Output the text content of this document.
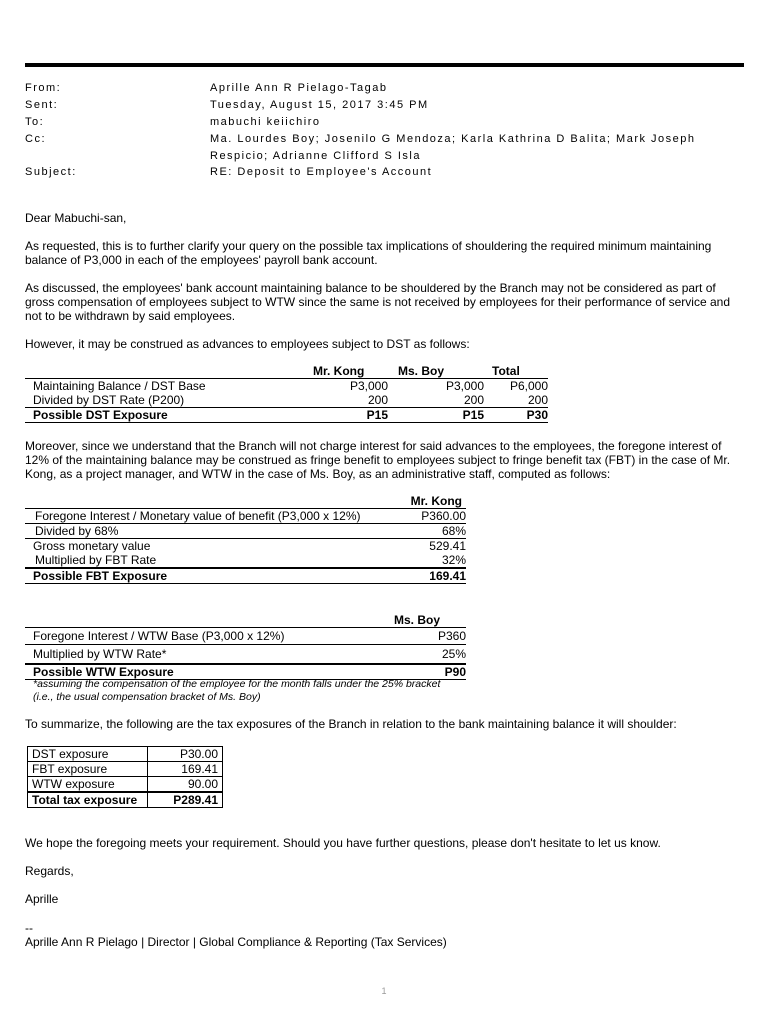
From:	Aprille Ann R Pielago-Tagab
Sent:	Tuesday, August 15, 2017 3:45 PM
To:	mabuchi keiichiro
Cc:	Ma. Lourdes Boy; Josenilo G Mendoza; Karla Kathrina D Balita; Mark Joseph Respicio; Adrianne Clifford S Isla
Subject:	RE: Deposit to Employee's Account
Dear Mabuchi-san,
As requested, this is to further clarify your query on the possible tax implications of shouldering the required minimum maintaining balance of P3,000 in each of the employees' payroll bank account.
As discussed, the employees' bank account maintaining balance to be shouldered by the Branch may not be considered as part of gross compensation of employees subject to WTW since the same is not received by employees for their performance of service and not to be withdrawn by said employees.
However, it may be construed as advances to employees subject to DST as follows:
	Mr. Kong	Ms. Boy	Total
Maintaining Balance / DST Base	P3,000	P3,000	P6,000
Divided by DST Rate (P200)	200	200	200
Possible DST Exposure	P15	P15	P30
Moreover, since we understand that the Branch will not charge interest for said advances to the employees, the foregone interest of 12% of the maintaining balance may be construed as fringe benefit to employees subject to fringe benefit tax (FBT) in the case of Mr. Kong, as a project manager, and WTW in the case of Ms. Boy, as an administrative staff, computed as follows:
	Mr. Kong
Foregone Interest / Monetary value of benefit (P3,000 x 12%)	P360.00
Divided by 68%	68%
Gross monetary value	529.41
Multiplied by FBT Rate	32%
Possible FBT Exposure	169.41
	Ms. Boy
Foregone Interest / WTW Base (P3,000 x 12%)	P360
Multiplied by WTW Rate*	25%
Possible WTW Exposure	P90
*assuming the compensation of the employee for the month falls under the 25% bracket
(i.e., the usual compensation bracket of Ms. Boy)
To summarize, the following are the tax exposures of the Branch in relation to the bank maintaining balance it will shoulder:
DST exposure	P30.00
FBT exposure	169.41
WTW exposure	90.00
Total tax exposure	P289.41
We hope the foregoing meets your requirement. Should you have further questions, please don't hesitate to let us know.
Regards,
Aprille
--
Aprille Ann R Pielago | Director | Global Compliance & Reporting (Tax Services)
1
